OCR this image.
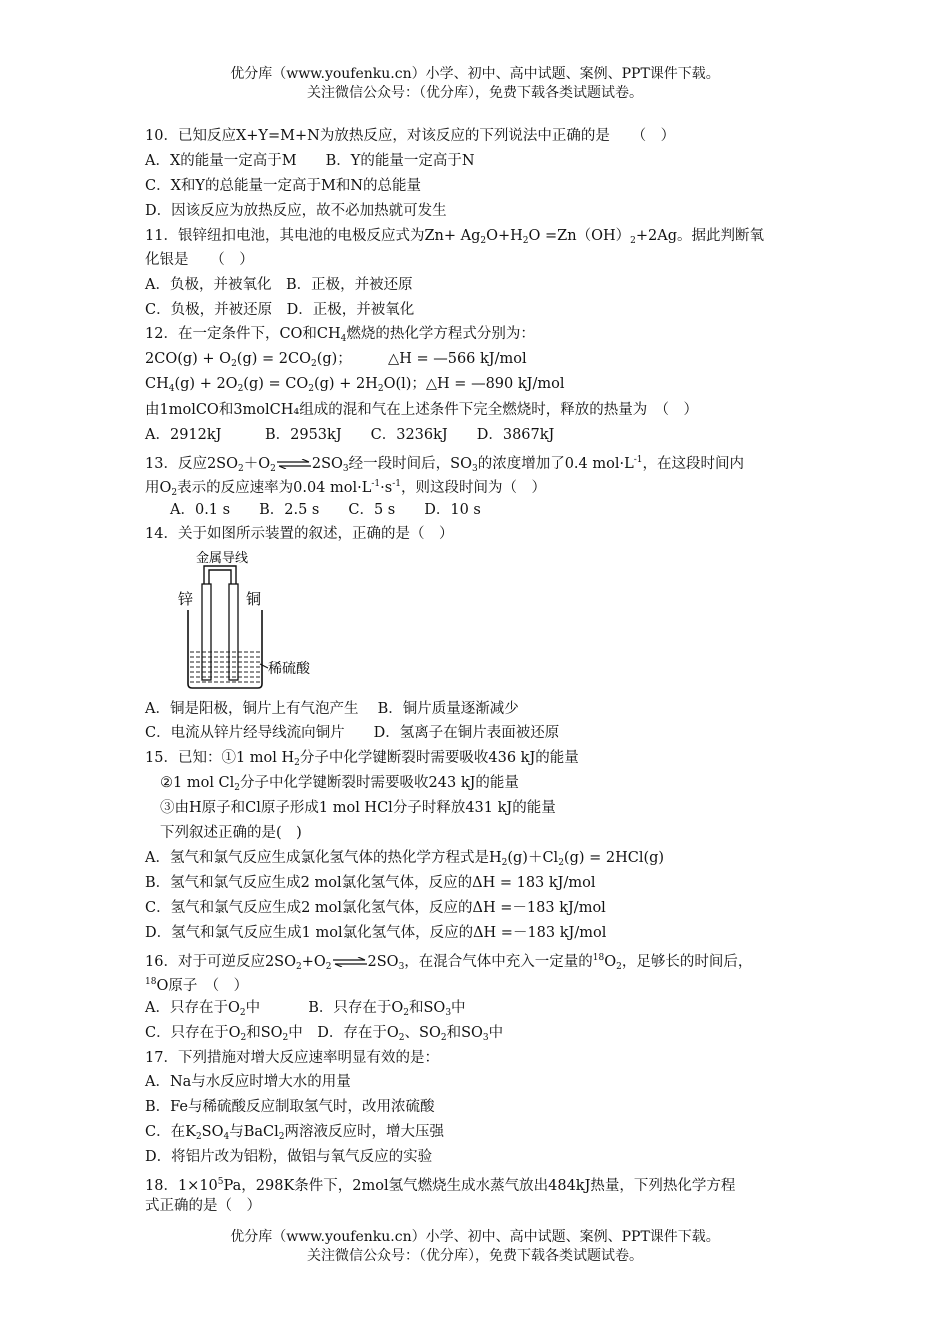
优分库（www.youfenku.cn）小学、初中、高中试题、案例、PPT课件下载。
关注微信公众号：（优分库），免费下载各类试题试卷。
10．已知反应X+Y=M+N为放热反应，对该反应的下列说法中正确的是　　（　）
A．X的能量一定高于M　　B．Y的能量一定高于N
C．X和Y的总能量一定高于M和N的总能量
D．因该反应为放热反应，故不必加热就可发生
11．银锌纽扣电池，其电池的电极反应式为$Zn+ Ag_2O+H_2O =Zn(OH)_2+2Ag$。据此判断氧
化银是　　（　）
A．负极，并被氧化　B．正极，并被还原
C．负极，并被还原　D．正极，并被氧化
12．在一定条件下，CO和$CH_4$燃烧的热化学方程式分别为：
$2CO(g) + O_2(g) = 2CO_2(g)$；　　　△H = —566 kJ/mol
$CH_4(g) + 2O_2(g) = CO_2(g) + 2H_2O(l)$；△H = —890 kJ/mol
由1molCO和3molCH₄组成的混和气在上述条件下完全燃烧时，释放的热量为　（　）
A．2912kJ　　　B．2953kJ　　C．3236kJ　　D．3867kJ
13．反应$2SO_2+O_2\rightleftharpoons 2SO_3$经一段时间后，$SO_3$的浓度增加了0.4 $mol\cdot L^{-1}$，在这段时间内
用$O_2$表示的反应速率为0.04 $mol\cdot L^{-1}\cdot s^{-1}$，则这段时间为（　）
A．0.1 s　　B．2.5 s　　C．5 s　　D．10 s
14．关于如图所示装置的叙述，正确的是（　）
金属导线
锌	铜
稀硫酸
A．铜是阳极，铜片上有气泡产生　 B．铜片质量逐渐减少
C．电流从锌片经导线流向铜片　　D．氢离子在铜片表面被还原
15．已知：①1 mol $H_2$分子中化学键断裂时需要吸收436 kJ的能量
②1 mol $Cl_2$分子中化学键断裂时需要吸收243 kJ的能量
③由H原子和Cl原子形成1 mol HCl分子时释放431 kJ的能量
下列叙述正确的是(　)
A．氢气和氯气反应生成氯化氢气体的热化学方程式是$H_2(g)+Cl_2(g) = 2HCl(g)$
B．氢气和氯气反应生成2 mol氯化氢气体，反应的ΔH = 183 kJ/mol
C．氢气和氯气反应生成2 mol氯化氢气体，反应的ΔH =－183 kJ/mol
D．氢气和氯气反应生成1 mol氯化氢气体，反应的ΔH =－183 kJ/mol
16．对于可逆反应$2SO_2+O_2\rightleftharpoons 2SO_3$，在混合气体中充入一定量的$^{18}O_2$，足够长的时间后，
$^{18}$O原子　（　）
A．只存在于$O_2$中　　　 B．只存在于$O_2$和$SO_3$中
C．只存在于$O_2$和$SO_2$中　D．存在于$O_2$、$SO_2$和$SO_3$中
17．下列措施对增大反应速率明显有效的是：
A．Na与水反应时增大水的用量
B．Fe与稀硫酸反应制取氢气时，改用浓硫酸
C．在$K_2SO_4$与BaCl$_2$两溶液反应时，增大压强
D．将铝片改为铝粉，做铝与氧气反应的实验
18．$1\times 10^5Pa$，298K条件下，2mol氢气燃烧生成水蒸气放出484kJ热量，下列热化学方程
式正确的是（　）
优分库（www.youfenku.cn）小学、初中、高中试题、案例、PPT课件下载。
关注微信公众号：（优分库），免费下载各类试题试卷。
